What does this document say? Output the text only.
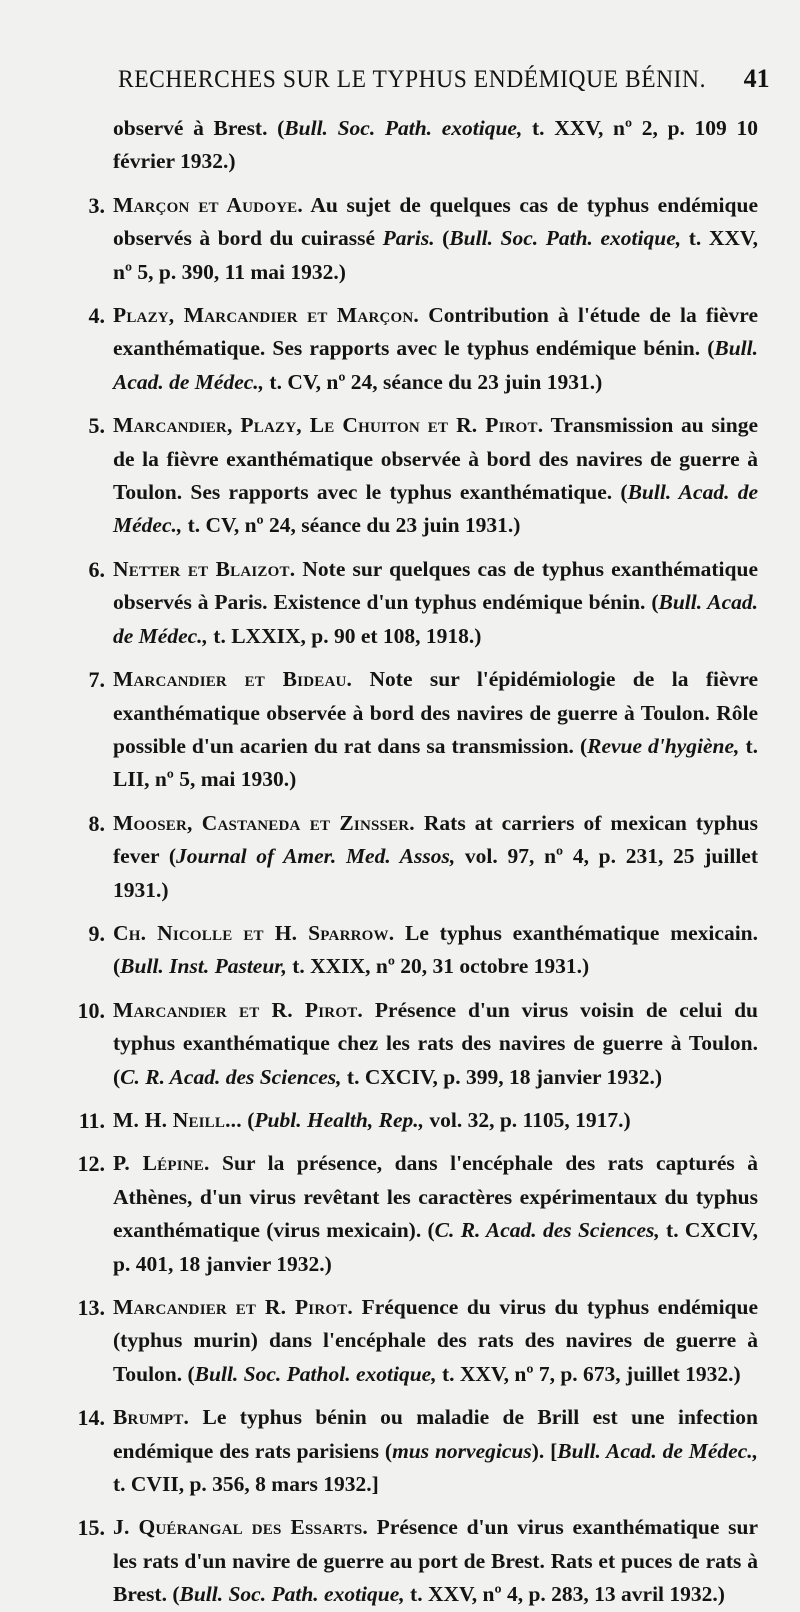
RECHERCHES SUR LE TYPHUS ENDÉMIQUE BÉNIN. 41
observé à Brest. (Bull. Soc. Path. exotique, t. XXV, nº 2, p. 109 10 février 1932.)
3. Marçon et Audoye. Au sujet de quelques cas de typhus endémique observés à bord du cuirassé Paris. (Bull. Soc. Path. exotique, t. XXV, nº 5, p. 390, 11 mai 1932.)
4. Plazy, Marcandier et Marçon. Contribution à l'étude de la fièvre exanthématique. Ses rapports avec le typhus endémique bénin. (Bull. Acad. de Médec., t. CV, nº 24, séance du 23 juin 1931.)
5. Marcandier, Plazy, Le Chuiton et R. Pirot. Transmission au singe de la fièvre exanthématique observée à bord des navires de guerre à Toulon. Ses rapports avec le typhus exanthématique. (Bull. Acad. de Médec., t. CV, nº 24, séance du 23 juin 1931.)
6. Netter et Blaizot. Note sur quelques cas de typhus exanthématique observés à Paris. Existence d'un typhus endémique bénin. (Bull. Acad. de Médec., t. LXXIX, p. 90 et 108, 1918.)
7. Marcandier et Bideau. Note sur l'épidémiologie de la fièvre exanthématique observée à bord des navires de guerre à Toulon. Rôle possible d'un acarien du rat dans sa transmission. (Revue d'hygiène, t. LII, nº 5, mai 1930.)
8. Mooser, Castaneda et Zinsser. Rats at carriers of mexican typhus fever (Journal of Amer. Med. Assos, vol. 97, nº 4, p. 231, 25 juillet 1931.)
9. Ch. Nicolle et H. Sparrow. Le typhus exanthématique mexicain. (Bull. Inst. Pasteur, t. XXIX, nº 20, 31 octobre 1931.)
10. Marcandier et R. Pirot. Présence d'un virus voisin de celui du typhus exanthématique chez les rats des navires de guerre à Toulon. (C. R. Acad. des Sciences, t. CXCIV, p. 399, 18 janvier 1932.)
11. M. H. Neill... (Publ. Health, Rep., vol. 32, p. 1105, 1917.)
12. P. Lépine. Sur la présence, dans l'encéphale des rats capturés à Athènes, d'un virus revêtant les caractères expérimentaux du typhus exanthématique (virus mexicain). (C. R. Acad. des Sciences, t. CXCIV, p. 401, 18 janvier 1932.)
13. Marcandier et R. Pirot. Fréquence du virus du typhus endémique (typhus murin) dans l'encéphale des rats des navires de guerre à Toulon. (Bull. Soc. Pathol. exotique, t. XXV, nº 7, p. 673, juillet 1932.)
14. Brumpt. Le typhus bénin ou maladie de Brill est une infection endémique des rats parisiens (mus norvegicus). [Bull. Acad. de Médec., t. CVII, p. 356, 8 mars 1932.]
15. J. Quérangal des Essarts. Présence d'un virus exanthématique sur les rats d'un navire de guerre au port de Brest. Rats et puces de rats à Brest. (Bull. Soc. Path. exotique, t. XXV, nº 4, p. 283, 13 avril 1932.)
